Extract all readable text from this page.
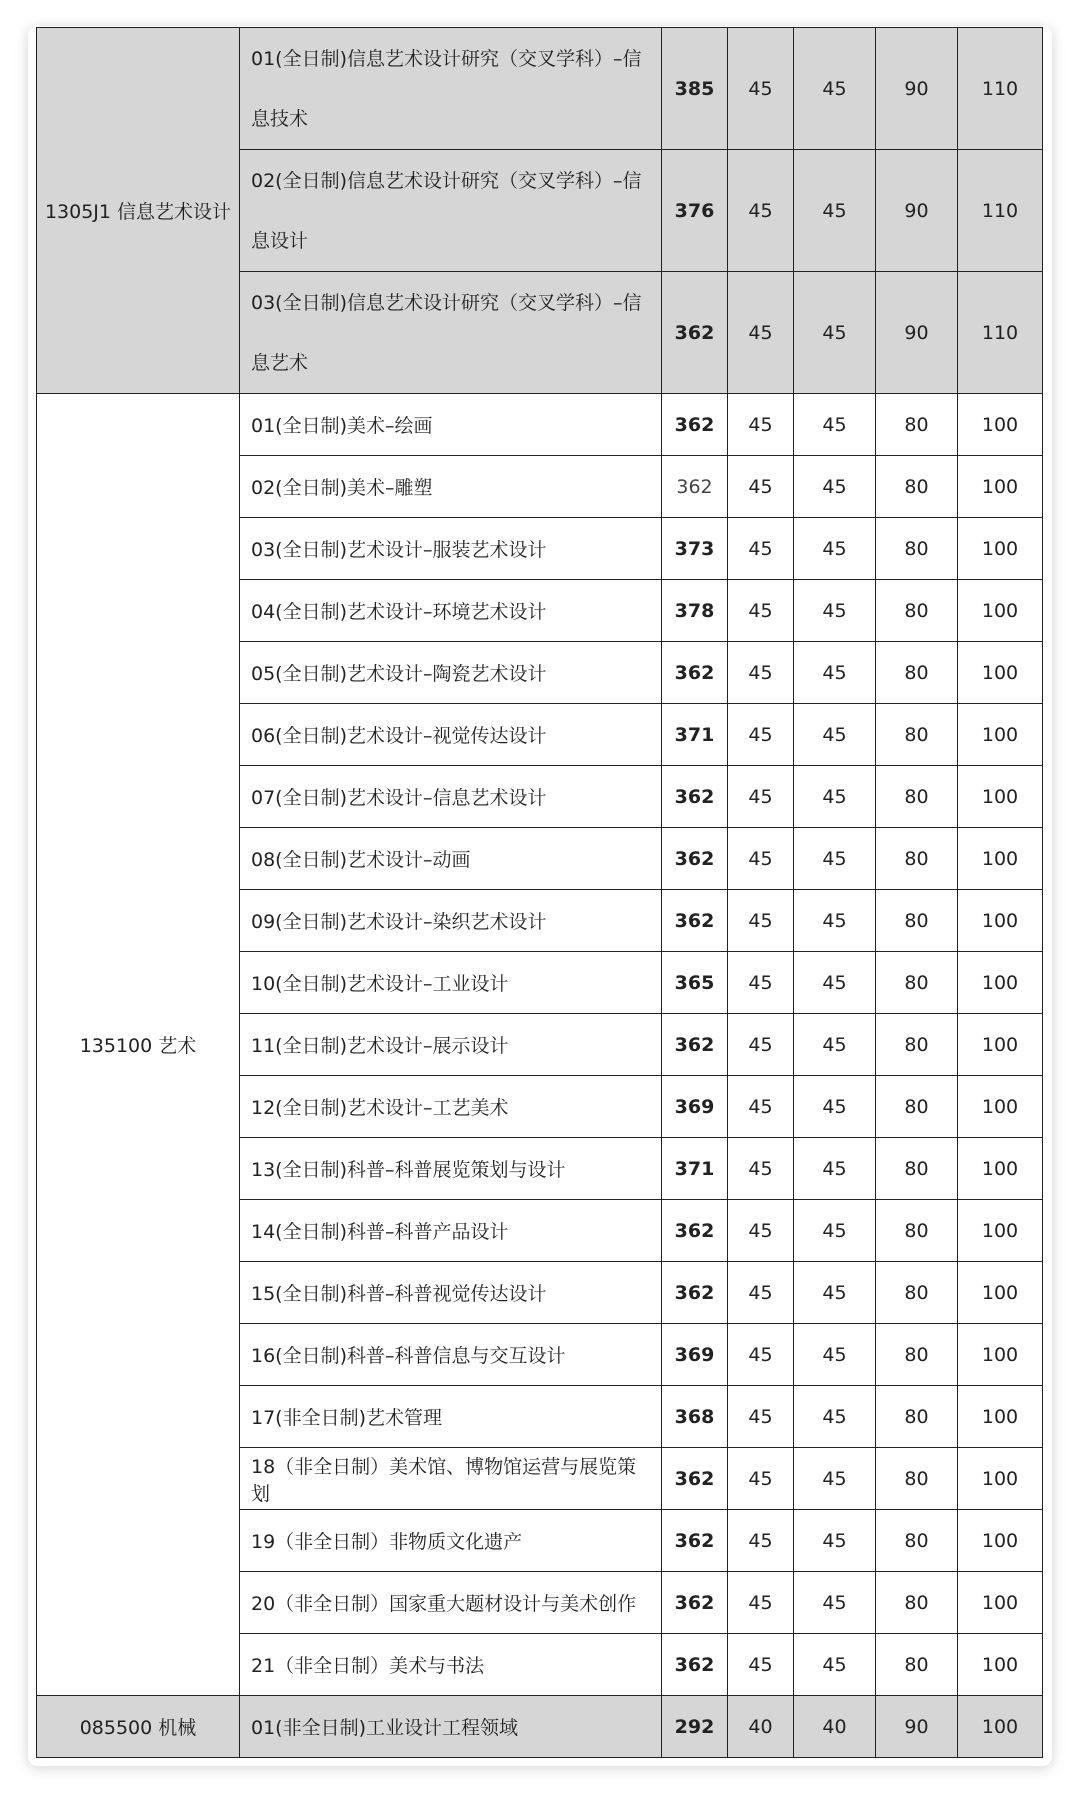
1305J1 信息艺术设计	01(全日制)信息艺术设计研究（交叉学科）–信息技术	385	45	45	90	110
	02(全日制)信息艺术设计研究（交叉学科）–信息设计	376	45	45	90	110
	03(全日制)信息艺术设计研究（交叉学科）–信息艺术	362	45	45	90	110
135100 艺术	01(全日制)美术–绘画	362	45	45	80	100
	02(全日制)美术–雕塑	362	45	45	80	100
	03(全日制)艺术设计–服装艺术设计	373	45	45	80	100
	04(全日制)艺术设计–环境艺术设计	378	45	45	80	100
	05(全日制)艺术设计–陶瓷艺术设计	362	45	45	80	100
	06(全日制)艺术设计–视觉传达设计	371	45	45	80	100
	07(全日制)艺术设计–信息艺术设计	362	45	45	80	100
	08(全日制)艺术设计–动画	362	45	45	80	100
	09(全日制)艺术设计–染织艺术设计	362	45	45	80	100
	10(全日制)艺术设计–工业设计	365	45	45	80	100
	11(全日制)艺术设计–展示设计	362	45	45	80	100
	12(全日制)艺术设计–工艺美术	369	45	45	80	100
	13(全日制)科普–科普展览策划与设计	371	45	45	80	100
	14(全日制)科普–科普产品设计	362	45	45	80	100
	15(全日制)科普–科普视觉传达设计	362	45	45	80	100
	16(全日制)科普–科普信息与交互设计	369	45	45	80	100
	17(非全日制)艺术管理	368	45	45	80	100
	18（非全日制）美术馆、博物馆运营与展览策划	362	45	45	80	100
	19（非全日制）非物质文化遗产	362	45	45	80	100
	20（非全日制）国家重大题材设计与美术创作	362	45	45	80	100
	21（非全日制）美术与书法	362	45	45	80	100
085500 机械	01(非全日制)工业设计工程领域	292	40	40	90	100
